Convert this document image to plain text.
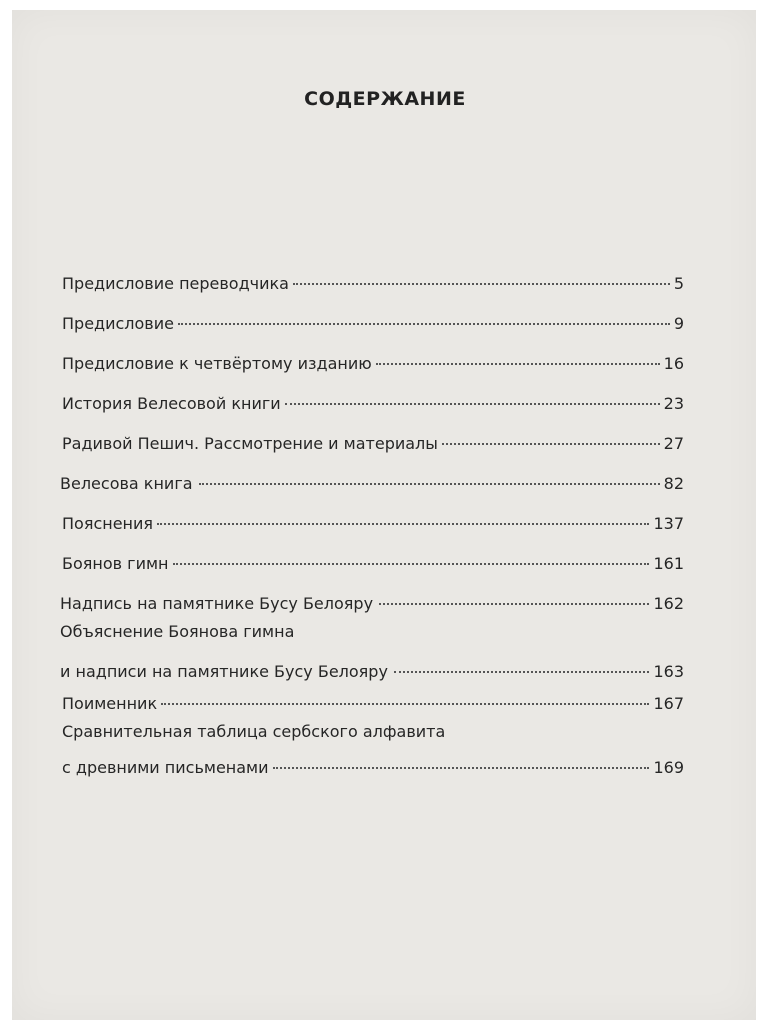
СОДЕРЖАНИЕ
Предисловие переводчика	5
Предисловие	9
Предисловие к четвёртому изданию	16
История Велесовой книги	23
Радивой Пешич. Рассмотрение и материалы	27
Велесова книга	82
Пояснения	137
Боянов гимн	161
Надпись на памятнике Бусу Белояру	162
Объяснение Боянова гимна
и надписи на памятнике Бусу Белояру	163
Поименник	167
Сравнительная таблица сербского алфавита
с древними письменами	169
